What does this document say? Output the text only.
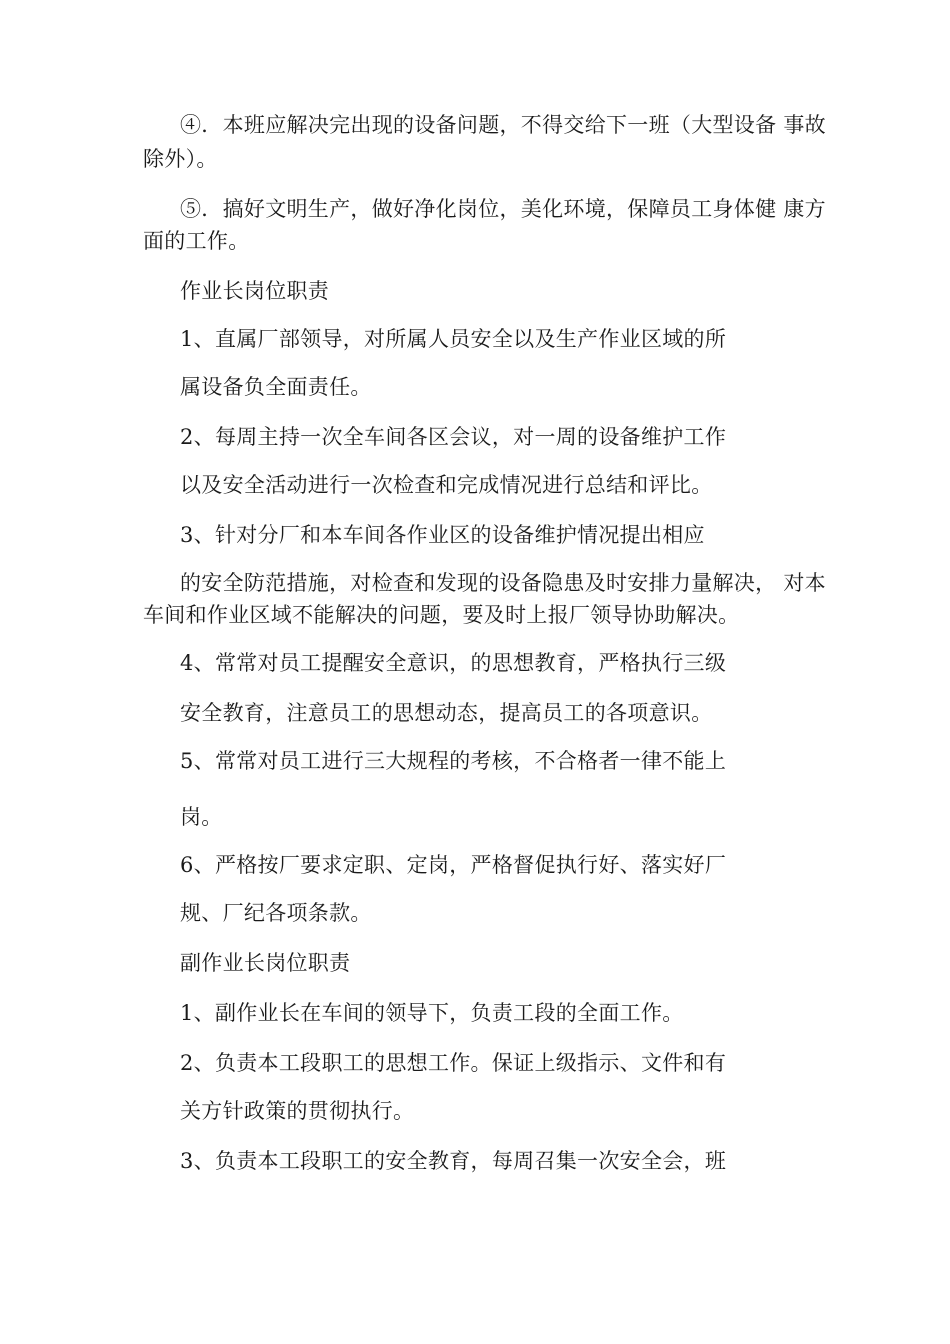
④．本班应解决完出现的设备问题，不得交给下一班（大型设备 事故
除外）。
⑤．搞好文明生产，做好净化岗位，美化环境，保障员工身体健 康方
面的工作。
作业长岗位职责
1、直属厂部领导，对所属人员安全以及生产作业区域的所
属设备负全面责任。
2、每周主持一次全车间各区会议，对一周的设备维护工作
以及安全活动进行一次检查和完成情况进行总结和评比。
3、针对分厂和本车间各作业区的设备维护情况提出相应
的安全防范措施，对检查和发现的设备隐患及时安排力量解决， 对本
车间和作业区域不能解决的问题，要及时上报厂领导协助解决。
4、常常对员工提醒安全意识，的思想教育，严格执行三级
安全教育，注意员工的思想动态，提高员工的各项意识。
5、常常对员工进行三大规程的考核，不合格者一律不能上
岗。
6、严格按厂要求定职、定岗，严格督促执行好、落实好厂
规、厂纪各项条款。
副作业长岗位职责
1、副作业长在车间的领导下，负责工段的全面工作。
2、负责本工段职工的思想工作。保证上级指示、文件和有
关方针政策的贯彻执行。
3、负责本工段职工的安全教育，每周召集一次安全会，班
